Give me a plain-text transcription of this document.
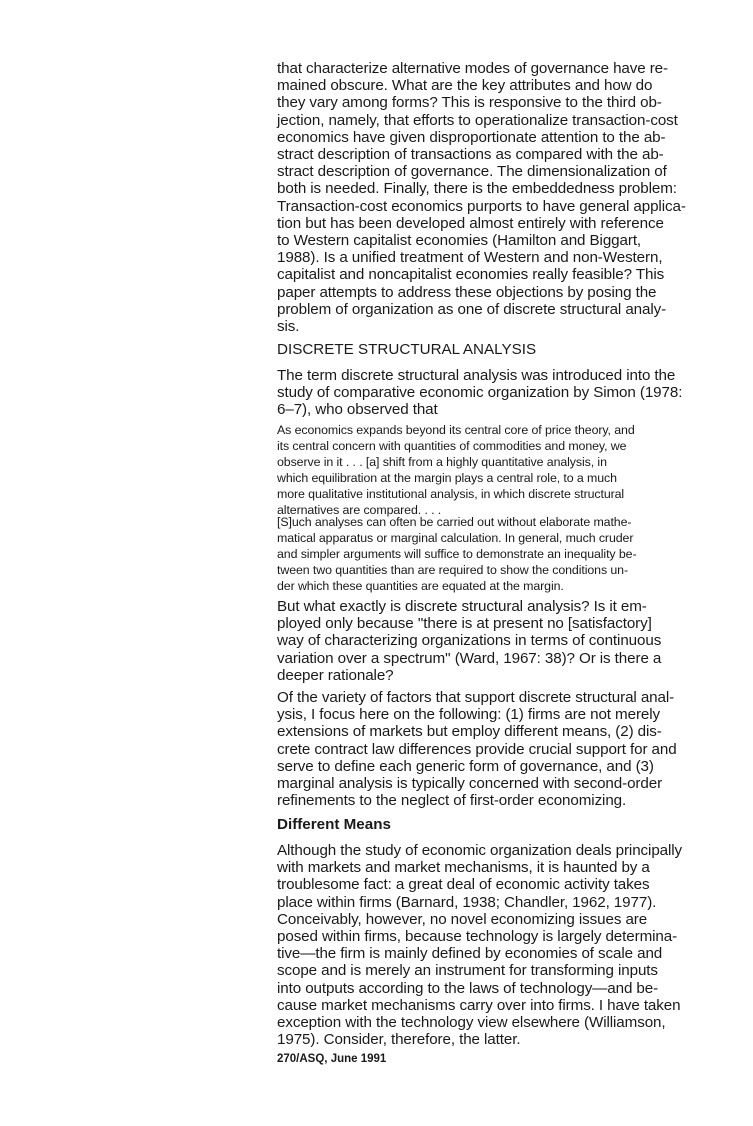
that characterize alternative modes of governance have re-
mained obscure. What are the key attributes and how do
they vary among forms? This is responsive to the third ob-
jection, namely, that efforts to operationalize transaction-cost
economics have given disproportionate attention to the ab-
stract description of transactions as compared with the ab-
stract description of governance. The dimensionalization of
both is needed. Finally, there is the embeddedness problem:
Transaction-cost economics purports to have general applica-
tion but has been developed almost entirely with reference
to Western capitalist economies (Hamilton and Biggart,
1988). Is a unified treatment of Western and non-Western,
capitalist and noncapitalist economies really feasible? This
paper attempts to address these objections by posing the
problem of organization as one of discrete structural analy-
sis.
DISCRETE STRUCTURAL ANALYSIS
The term discrete structural analysis was introduced into the
study of comparative economic organization by Simon (1978:
6–7), who observed that
As economics expands beyond its central core of price theory, and
its central concern with quantities of commodities and money, we
observe in it . . . [a] shift from a highly quantitative analysis, in
which equilibration at the margin plays a central role, to a much
more qualitative institutional analysis, in which discrete structural
alternatives are compared. . . .
[S]uch analyses can often be carried out without elaborate mathe-
matical apparatus or marginal calculation. In general, much cruder
and simpler arguments will suffice to demonstrate an inequality be-
tween two quantities than are required to show the conditions un-
der which these quantities are equated at the margin.
But what exactly is discrete structural analysis? Is it em-
ployed only because ''there is at present no [satisfactory]
way of characterizing organizations in terms of continuous
variation over a spectrum'' (Ward, 1967: 38)? Or is there a
deeper rationale?
Of the variety of factors that support discrete structural anal-
ysis, I focus here on the following: (1) firms are not merely
extensions of markets but employ different means, (2) dis-
crete contract law differences provide crucial support for and
serve to define each generic form of governance, and (3)
marginal analysis is typically concerned with second-order
refinements to the neglect of first-order economizing.
Different Means
Although the study of economic organization deals principally
with markets and market mechanisms, it is haunted by a
troublesome fact: a great deal of economic activity takes
place within firms (Barnard, 1938; Chandler, 1962, 1977).
Conceivably, however, no novel economizing issues are
posed within firms, because technology is largely determina-
tive—the firm is mainly defined by economies of scale and
scope and is merely an instrument for transforming inputs
into outputs according to the laws of technology—and be-
cause market mechanisms carry over into firms. I have taken
exception with the technology view elsewhere (Williamson,
1975). Consider, therefore, the latter.
270/ASQ, June 1991
